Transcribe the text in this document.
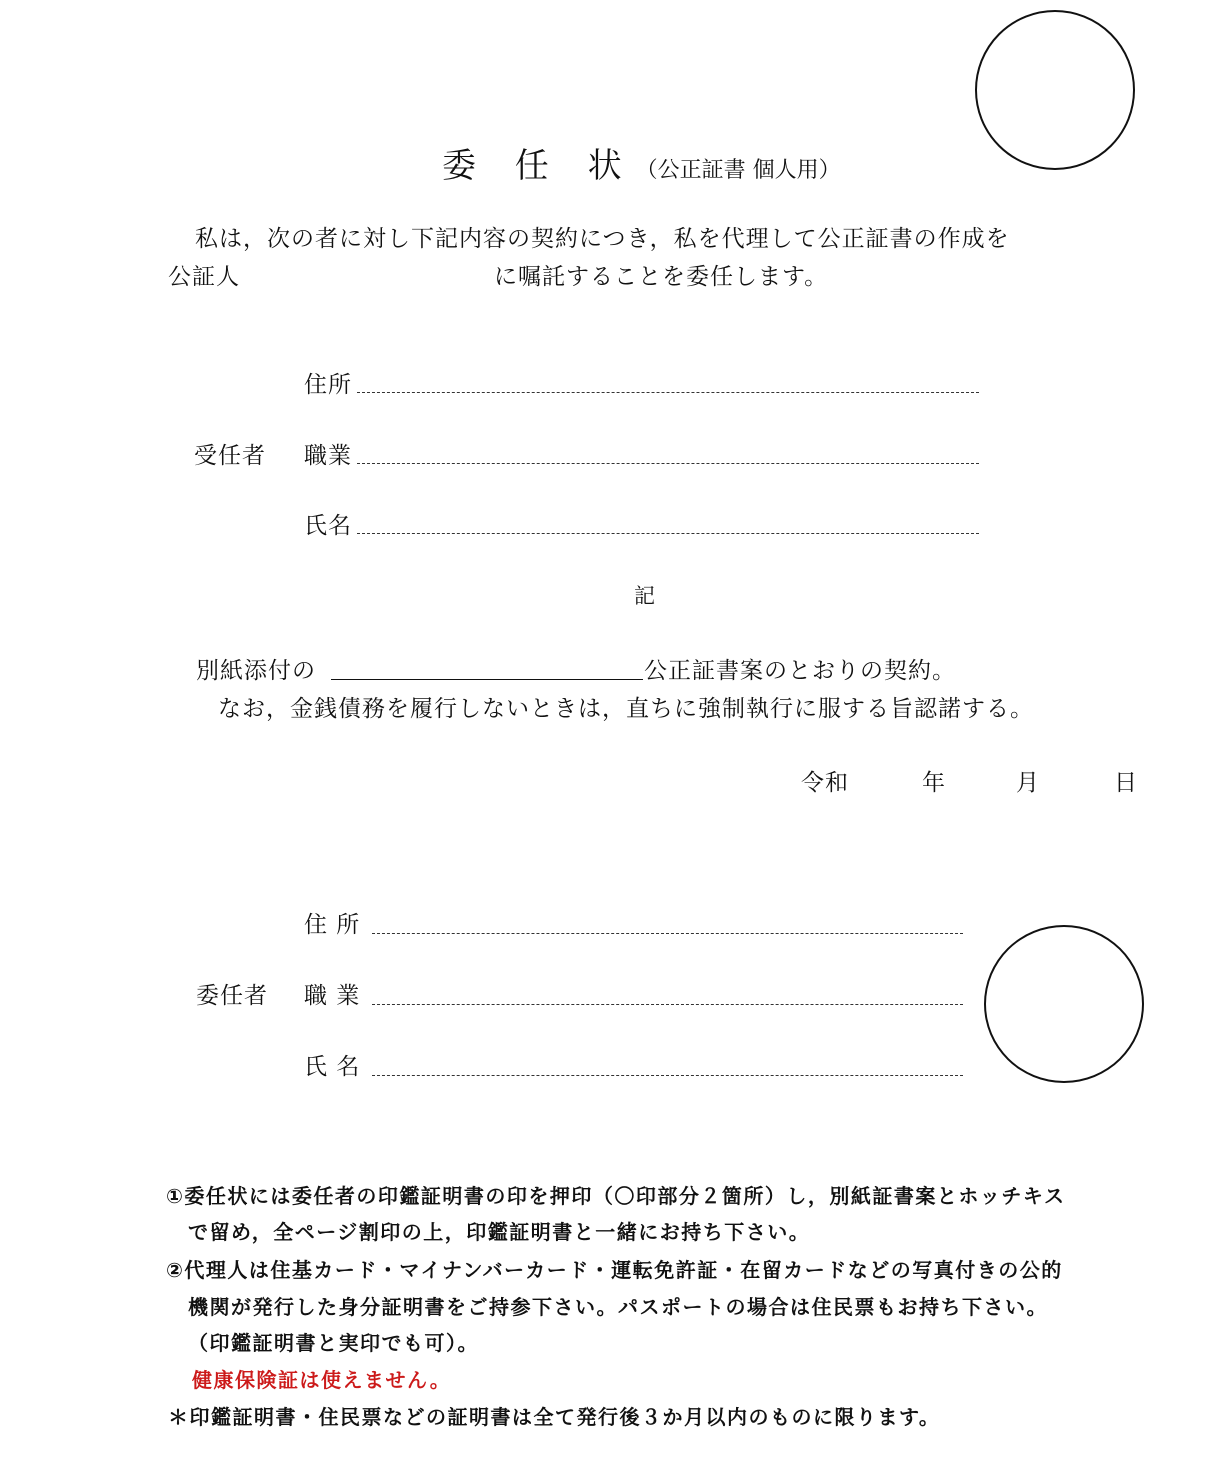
委 任 状（公正証書 個人用）
私は，次の者に対し下記内容の契約につき，私を代理して公正証書の作成を
公証人	に嘱託することを委任します。
受任者
住所
職業
氏名
記
別紙添付の	公正証書案のとおりの契約。
なお，金銭債務を履行しないときは，直ちに強制執行に服する旨認諾する。
令和	年	月	日
委任者
住 所
職 業
氏 名
①委任状には委任者の印鑑証明書の印を押印（〇印部分２箇所）し，別紙証書案とホッチキス
で留め，全ページ割印の上，印鑑証明書と一緒にお持ち下さい。
②代理人は住基カード・マイナンバーカード・運転免許証・在留カードなどの写真付きの公的
機関が発行した身分証明書をご持参下さい。パスポートの場合は住民票もお持ち下さい。
（印鑑証明書と実印でも可）。
健康保険証は使えません。
＊印鑑証明書・住民票などの証明書は全て発行後３か月以内のものに限ります。
